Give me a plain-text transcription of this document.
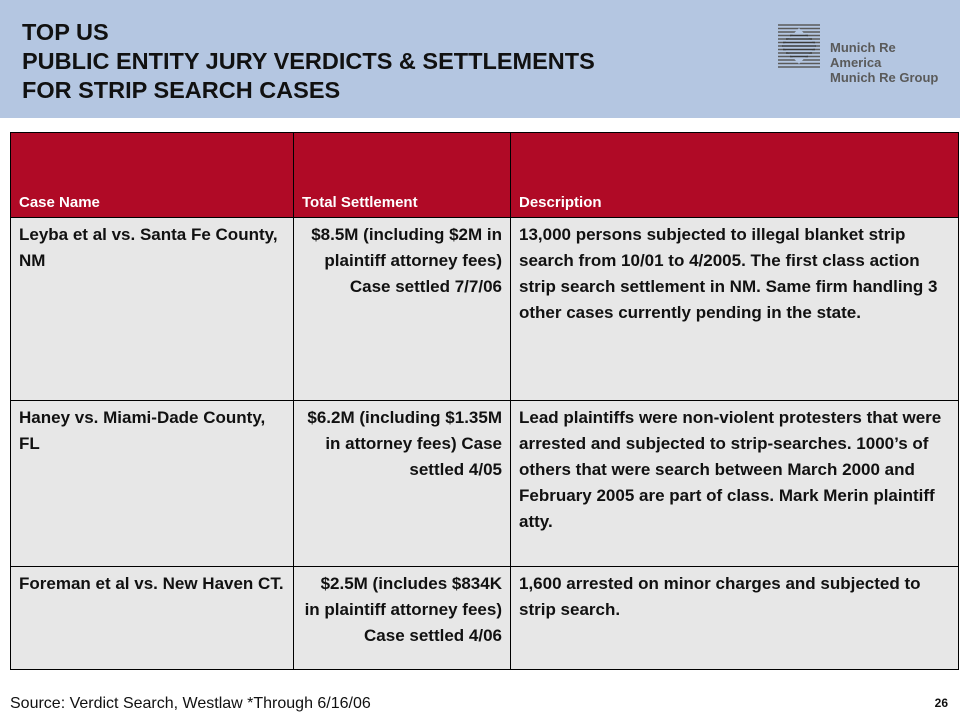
TOP US
PUBLIC ENTITY JURY VERDICTS & SETTLEMENTS
FOR STRIP SEARCH CASES
Munich Re America
Munich Re Group
Case Name	Total Settlement	Description
Leyba et al vs. Santa Fe County, NM	$8.5M (including $2M in plaintiff attorney fees) Case settled 7/7/06	13,000 persons subjected to illegal blanket strip search from 10/01 to 4/2005. The first class action strip search settlement in NM. Same firm handling 3 other cases currently pending in the state.
Haney vs. Miami-Dade County, FL	$6.2M (including $1.35M in attorney fees) Case settled 4/05	Lead plaintiffs were non-violent protesters that were arrested and subjected to strip-searches. 1000’s of others that were search between March 2000 and February 2005 are part of class. Mark Merin plaintiff atty.
Foreman et al vs. New Haven CT.	$2.5M (includes $834K in plaintiff attorney fees) Case settled 4/06	1,600 arrested on minor charges and subjected to strip search.
Source: Verdict Search, Westlaw *Through 6/16/06	26
